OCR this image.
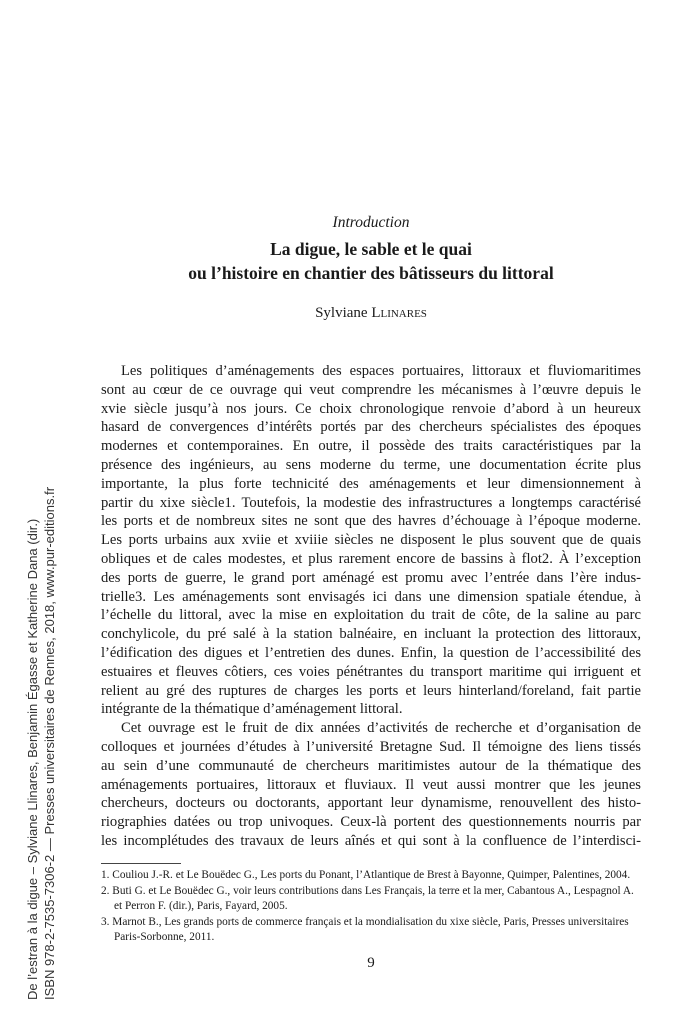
De l’estran à la digue – Sylviane Llinares, Benjamin Égasse et Katherine Dana (dir.) ISBN 978-2-7535-7306-2 — Presses universitaires de Rennes, 2018, www.pur-editions.fr
Introduction
La digue, le sable et le quai
ou l’histoire en chantier des bâtisseurs du littoral
Sylviane Llinares
Les politiques d’aménagements des espaces portuaires, littoraux et fluviomaritimes
sont au cœur de ce ouvrage qui veut comprendre les mécanismes à l’œuvre depuis le
xvie siècle jusqu’à nos jours. Ce choix chronologique renvoie d’abord à un heureux
hasard de convergences d’intérêts portés par des chercheurs spécialistes des époques
modernes et contemporaines. En outre, il possède des traits caractéristiques par la
présence des ingénieurs, au sens moderne du terme, une documentation écrite plus
importante, la plus forte technicité des aménagements et leur dimensionnement à
partir du xixe siècle1. Toutefois, la modestie des infrastructures a longtemps caractérisé
les ports et de nombreux sites ne sont que des havres d’échouage à l’époque moderne.
Les ports urbains aux xviie et xviiie siècles ne disposent le plus souvent que de quais
obliques et de cales modestes, et plus rarement encore de bassins à flot2. À l’exception
des ports de guerre, le grand port aménagé est promu avec l’entrée dans l’ère indus-
trielle3. Les aménagements sont envisagés ici dans une dimension spatiale étendue, à
l’échelle du littoral, avec la mise en exploitation du trait de côte, de la saline au parc
conchylicole, du pré salé à la station balnéaire, en incluant la protection des littoraux,
l’édification des digues et l’entretien des dunes. Enfin, la question de l’accessibilité des
estuaires et fleuves côtiers, ces voies pénétrantes du transport maritime qui irriguent et
relient au gré des ruptures de charges les ports et leurs hinterland/foreland, fait partie
intégrante de la thématique d’aménagement littoral.
Cet ouvrage est le fruit de dix années d’activités de recherche et d’organisation de
colloques et journées d’études à l’université Bretagne Sud. Il témoigne des liens tissés
au sein d’une communauté de chercheurs maritimistes autour de la thématique des
aménagements portuaires, littoraux et fluviaux. Il veut aussi montrer que les jeunes
chercheurs, docteurs ou doctorants, apportant leur dynamisme, renouvellent des histo-
riographies datées ou trop univoques. Ceux-là portent des questionnements nourris par
les incomplétudes des travaux de leurs aînés et qui sont à la confluence de l’interdisci-
1. Couliou J.-R. et Le Bouëdec G., Les ports du Ponant, l’Atlantique de Brest à Bayonne, Quimper, Palentines, 2004.
2. Buti G. et Le Bouëdec G., voir leurs contributions dans Les Français, la terre et la mer, Cabantous A., Lespagnol A.
et Perron F. (dir.), Paris, Fayard, 2005.
3. Marnot B., Les grands ports de commerce français et la mondialisation du xixe siècle, Paris, Presses universitaires
Paris-Sorbonne, 2011.
9
